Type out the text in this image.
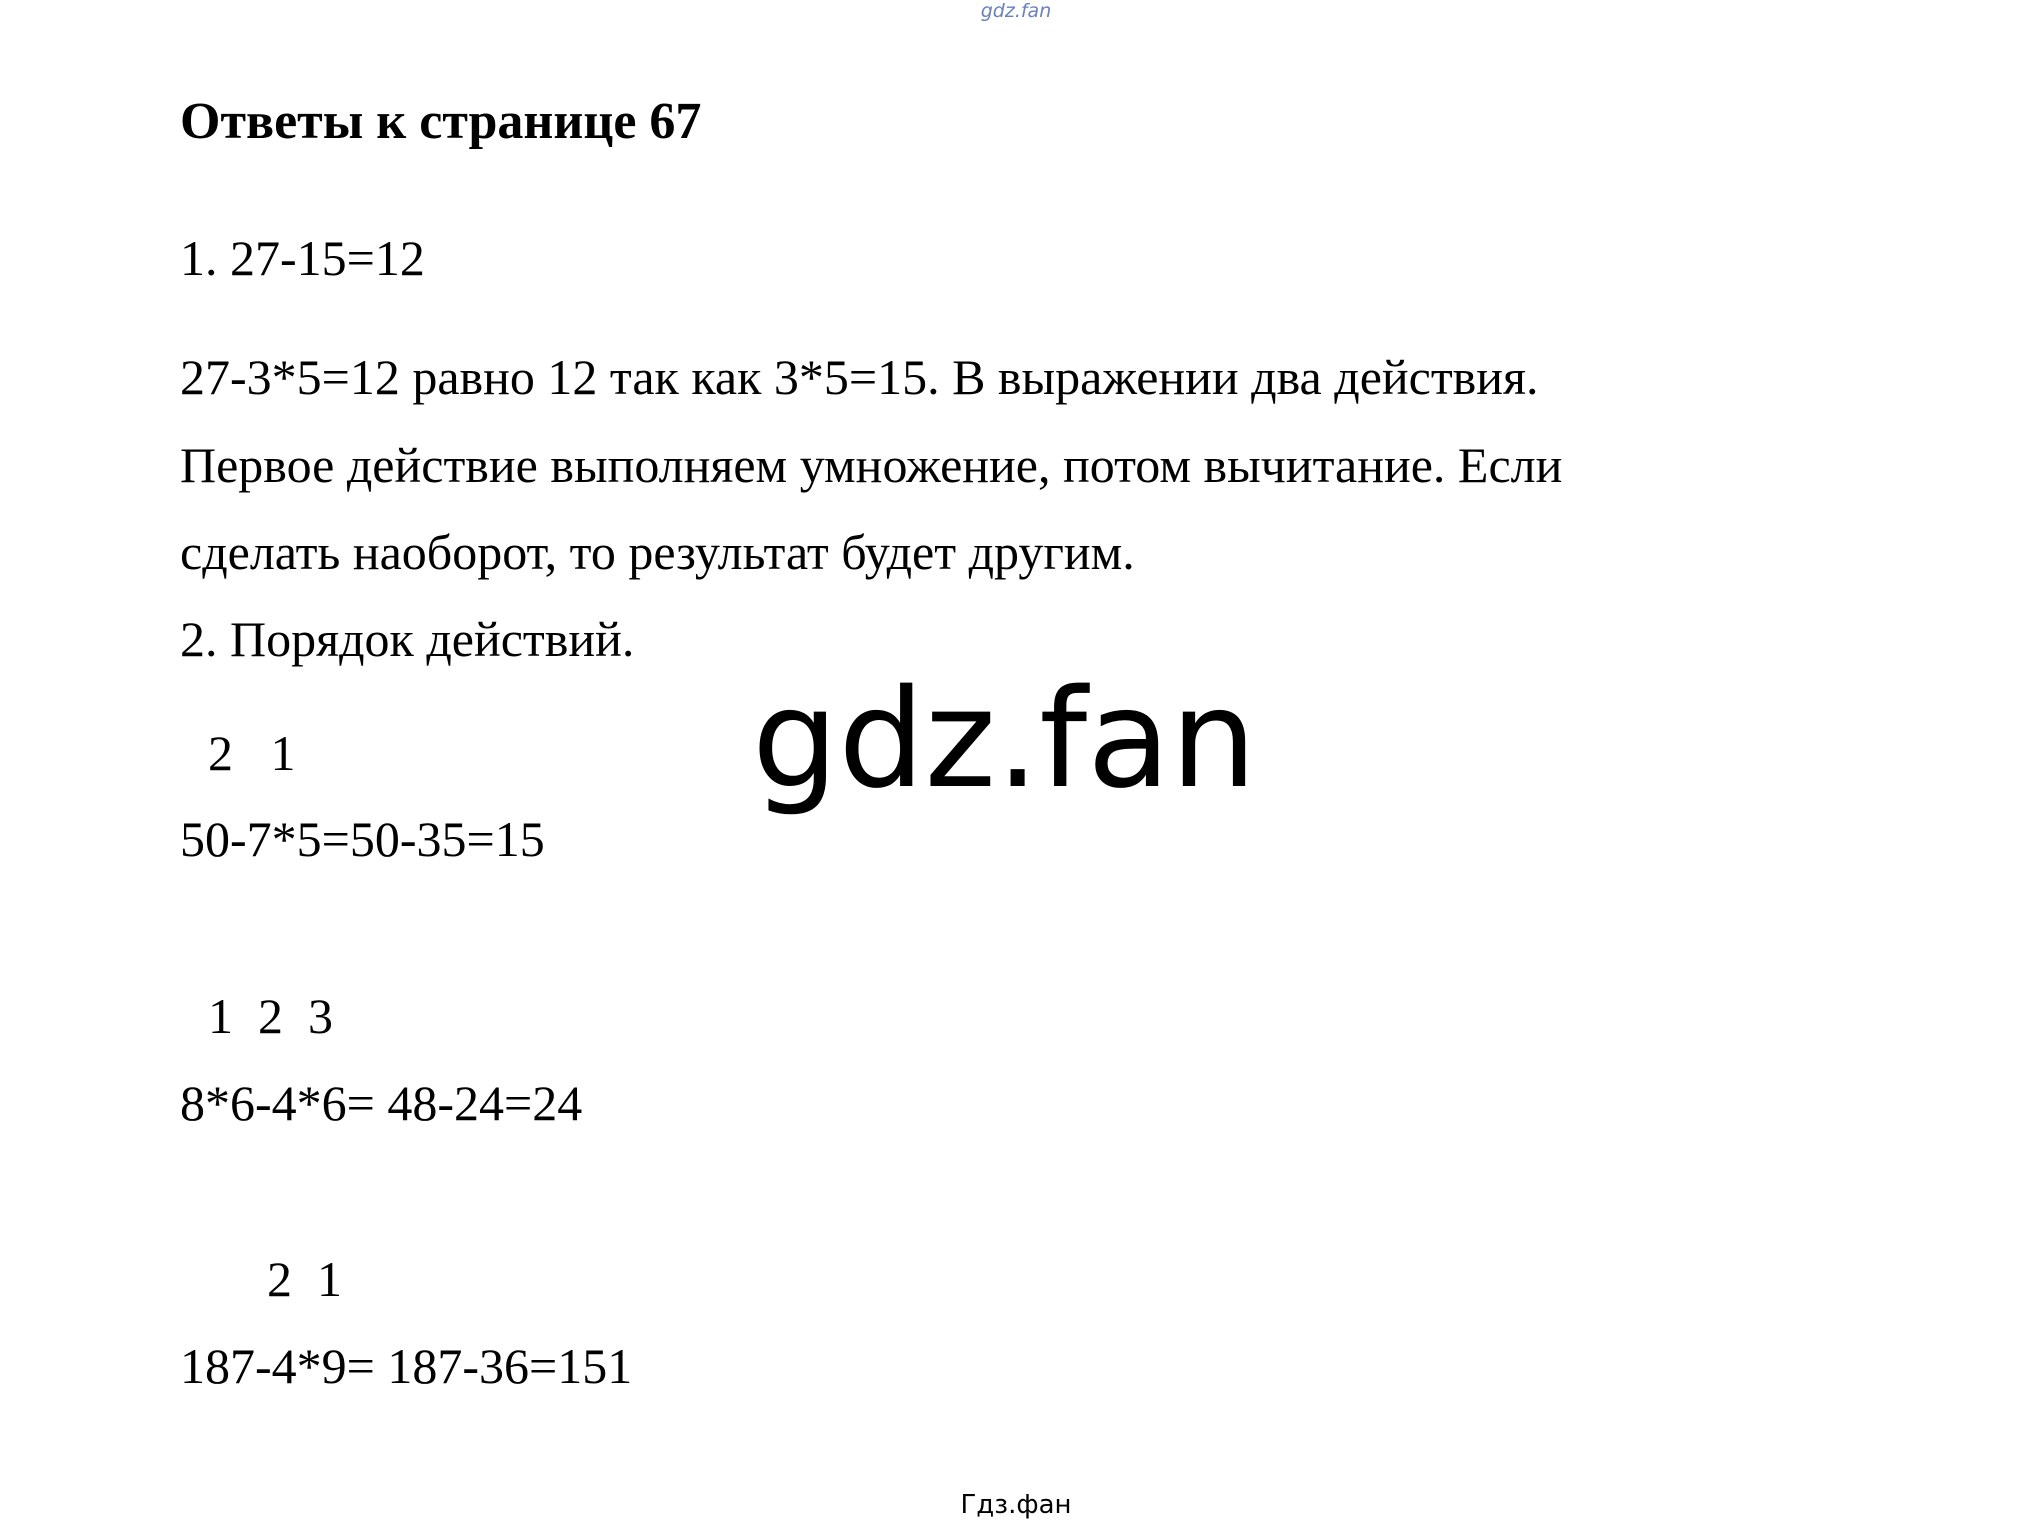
gdz.fan
Ответы к странице 67
1. 27-15=12
27-3*5=12 равно 12 так как 3*5=15. В выражении два действия.
Первое действие выполняем умножение, потом вычитание. Если
сделать наоборот, то результат будет другим.
2. Порядок действий.
2   1
50-7*5=50-35=15
1  2  3
8*6-4*6= 48-24=24
2  1
187-4*9= 187-36=151
gdz.fan
Гдз.фан
